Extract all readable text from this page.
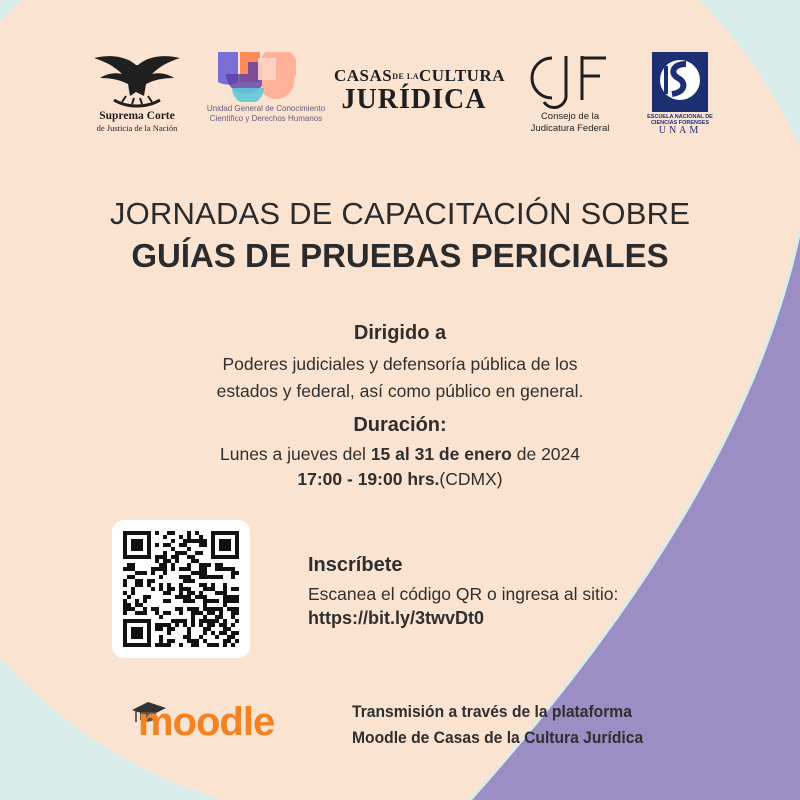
Suprema Corte
de Justicia de la Nación
Unidad General de Conocimiento Científico y Derechos Humanos
CASASDE LACULTURA
JURÍDICA
CJF
Consejo de la
Judicatura Federal
ESCUELA NACIONAL DE CIENCIAS FORENSES
UNAM
JORNADAS DE CAPACITACIÓN SOBRE
GUÍAS DE PRUEBAS PERICIALES
Dirigido a
Poderes judiciales y defensoría pública de los
estados y federal, así como público en general.
Duración:
Lunes a jueves del 15 al 31 de enero de 2024
17:00 - 19:00 hrs.(CDMX)
Inscríbete
Escanea el código QR o ingresa al sitio:
https://bit.ly/3twvDt0
moodle	Transmisión a través de la plataforma
Moodle de Casas de la Cultura Jurídica
